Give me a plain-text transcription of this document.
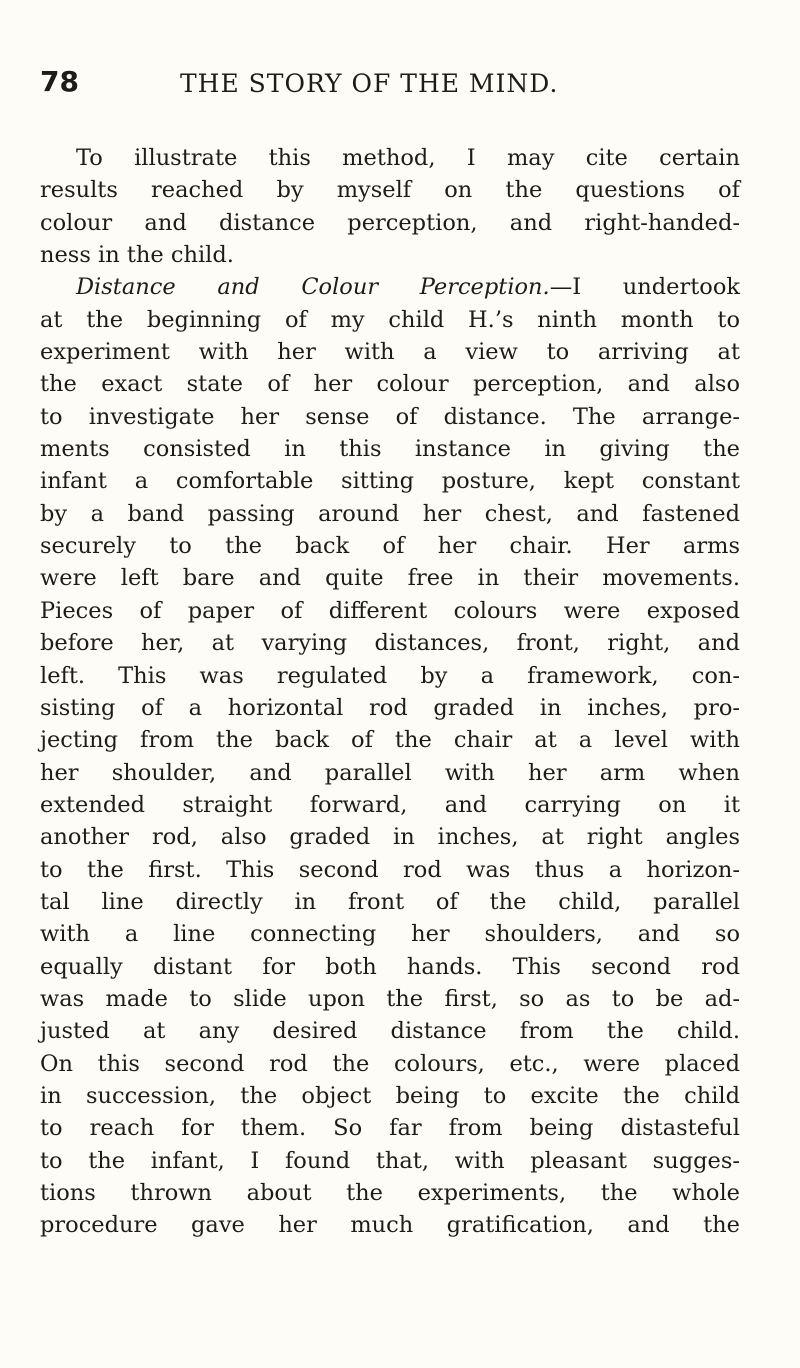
78	THE STORY OF THE MIND.
To illustrate this method, I may cite certain
results reached by myself on the questions of
colour and distance perception, and right-handed-
ness in the child.
Distance and Colour Perception.—I undertook
at the beginning of my child H.’s ninth month to
experiment with her with a view to arriving at
the exact state of her colour perception, and also
to investigate her sense of distance. The arrange-
ments consisted in this instance in giving the
infant a comfortable sitting posture, kept constant
by a band passing around her chest, and fastened
securely to the back of her chair. Her arms
were left bare and quite free in their movements.
Pieces of paper of different colours were exposed
before her, at varying distances, front, right, and
left. This was regulated by a framework, con-
sisting of a horizontal rod graded in inches, pro-
jecting from the back of the chair at a level with
her shoulder, and parallel with her arm when
extended straight forward, and carrying on it
another rod, also graded in inches, at right angles
to the first. This second rod was thus a horizon-
tal line directly in front of the child, parallel
with a line connecting her shoulders, and so
equally distant for both hands. This second rod
was made to slide upon the first, so as to be ad-
justed at any desired distance from the child.
On this second rod the colours, etc., were placed
in succession, the object being to excite the child
to reach for them. So far from being distasteful
to the infant, I found that, with pleasant sugges-
tions thrown about the experiments, the whole
procedure gave her much gratification, and the
